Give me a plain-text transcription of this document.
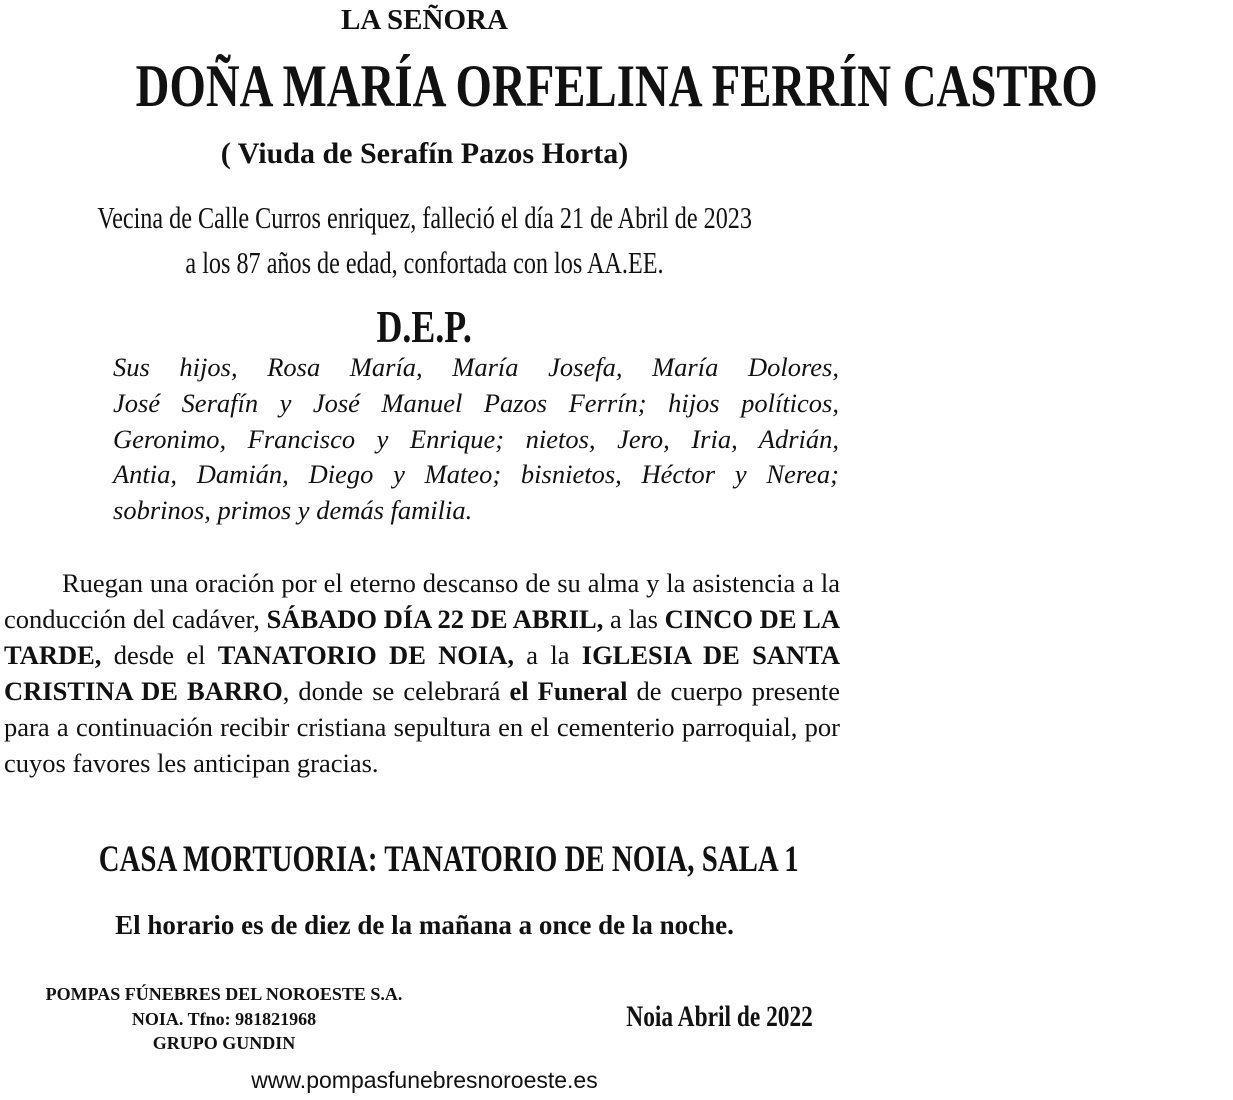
LA SEÑORA
DOÑA MARÍA ORFELINA FERRÍN CASTRO
( Viuda de Serafín Pazos Horta)
Vecina de Calle Curros enriquez, falleció el día 21 de Abril de 2023
a los 87 años de edad, confortada con los AA.EE.
D.E.P.
Sus hijos, Rosa María, María Josefa, María Dolores,
José Serafín y José Manuel Pazos Ferrín; hijos políticos,
Geronimo, Francisco y Enrique; nietos, Jero, Iria, Adrián,
Antia, Damián, Diego y Mateo; bisnietos, Héctor y Nerea;
sobrinos, primos y demás familia.
Ruegan una oración por el eterno descanso de su alma y la asistencia a la conducción del cadáver, SÁBADO DÍA 22 DE ABRIL, a las CINCO DE LA TARDE, desde el TANATORIO DE NOIA, a la IGLESIA DE SANTA CRISTINA DE BARRO, donde se celebrará el Funeral de cuerpo presente para a continuación recibir cristiana sepultura en el cementerio parroquial, por cuyos favores les anticipan gracias.
CASA MORTUORIA: TANATORIO DE NOIA, SALA 1
El horario es de diez de la mañana a once de la noche.
POMPAS FÚNEBRES DEL NOROESTE S.A.
NOIA. Tfno: 981821968
GRUPO GUNDIN
Noia Abril de 2022
www.pompasfunebresnoroeste.es
